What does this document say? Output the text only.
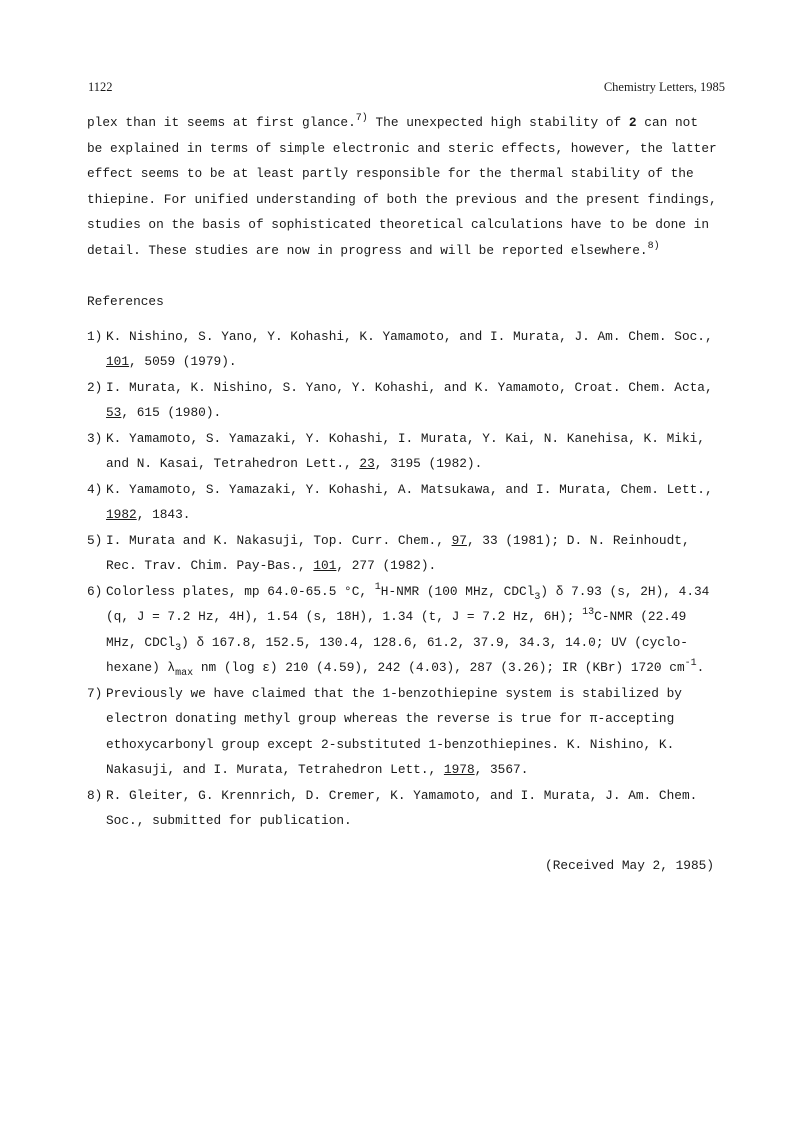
1122	Chemistry Letters, 1985

plex than it seems at first glance.$^{7)}$ The unexpected high stability of 2 can not

be explained in terms of simple electronic and steric effects, however, the latter

effect seems to be at least partly responsible for the thermal stability of the

thiepine. For unified understanding of both the previous and the present findings,

studies on the basis of sophisticated theoretical calculations have to be done in

detail. These studies are now in progress and will be reported elsewhere.$^{8)}$

References
1) K. Nishino, S. Yano, Y. Kohashi, K. Yamamoto, and I. Murata, J. Am. Chem. Soc.,
101, 5059 (1979).
2) I. Murata, K. Nishino, S. Yano, Y. Kohashi, and K. Yamamoto, Croat. Chem. Acta,
53, 615 (1980).
3) K. Yamamoto, S. Yamazaki, Y. Kohashi, I. Murata, Y. Kai, N. Kanehisa, K. Miki,
and N. Kasai, Tetrahedron Lett., 23, 3195 (1982).
4) K. Yamamoto, S. Yamazaki, Y. Kohashi, A. Matsukawa, and I. Murata, Chem. Lett.,
1982, 1843.
5) I. Murata and K. Nakasuji, Top. Curr. Chem., 97, 33 (1981); D. N. Reinhoudt,
Rec. Trav. Chim. Pay-Bas., 101, 277 (1982).
6) Colorless plates, mp 64.0-65.5 °C, $^1$H-NMR (100 MHz, CDCl$_3$) δ 7.93 (s, 2H), 4.34
(q, J = 7.2 Hz, 4H), 1.54 (s, 18H), 1.34 (t, J = 7.2 Hz, 6H); $^{13}$C-NMR (22.49
MHz, CDCl$_3$) δ 167.8, 152.5, 130.4, 128.6, 61.2, 37.9, 34.3, 14.0; UV (cyclo-
hexane) $\lambda_{max}$ nm (log ε) 210 (4.59), 242 (4.03), 287 (3.26); IR (KBr) 1720 $cm^{-1}$.
7) Previously we have claimed that the 1-benzothiepine system is stabilized by
electron donating methyl group whereas the reverse is true for π-accepting
ethoxycarbonyl group except 2-substituted 1-benzothiepines. K. Nishino, K.
Nakasuji, and I. Murata, Tetrahedron Lett., 1978, 3567.
8) R. Gleiter, G. Krennrich, D. Cremer, K. Yamamoto, and I. Murata, J. Am. Chem.
Soc., submitted for publication.
(Received May 2, 1985)
